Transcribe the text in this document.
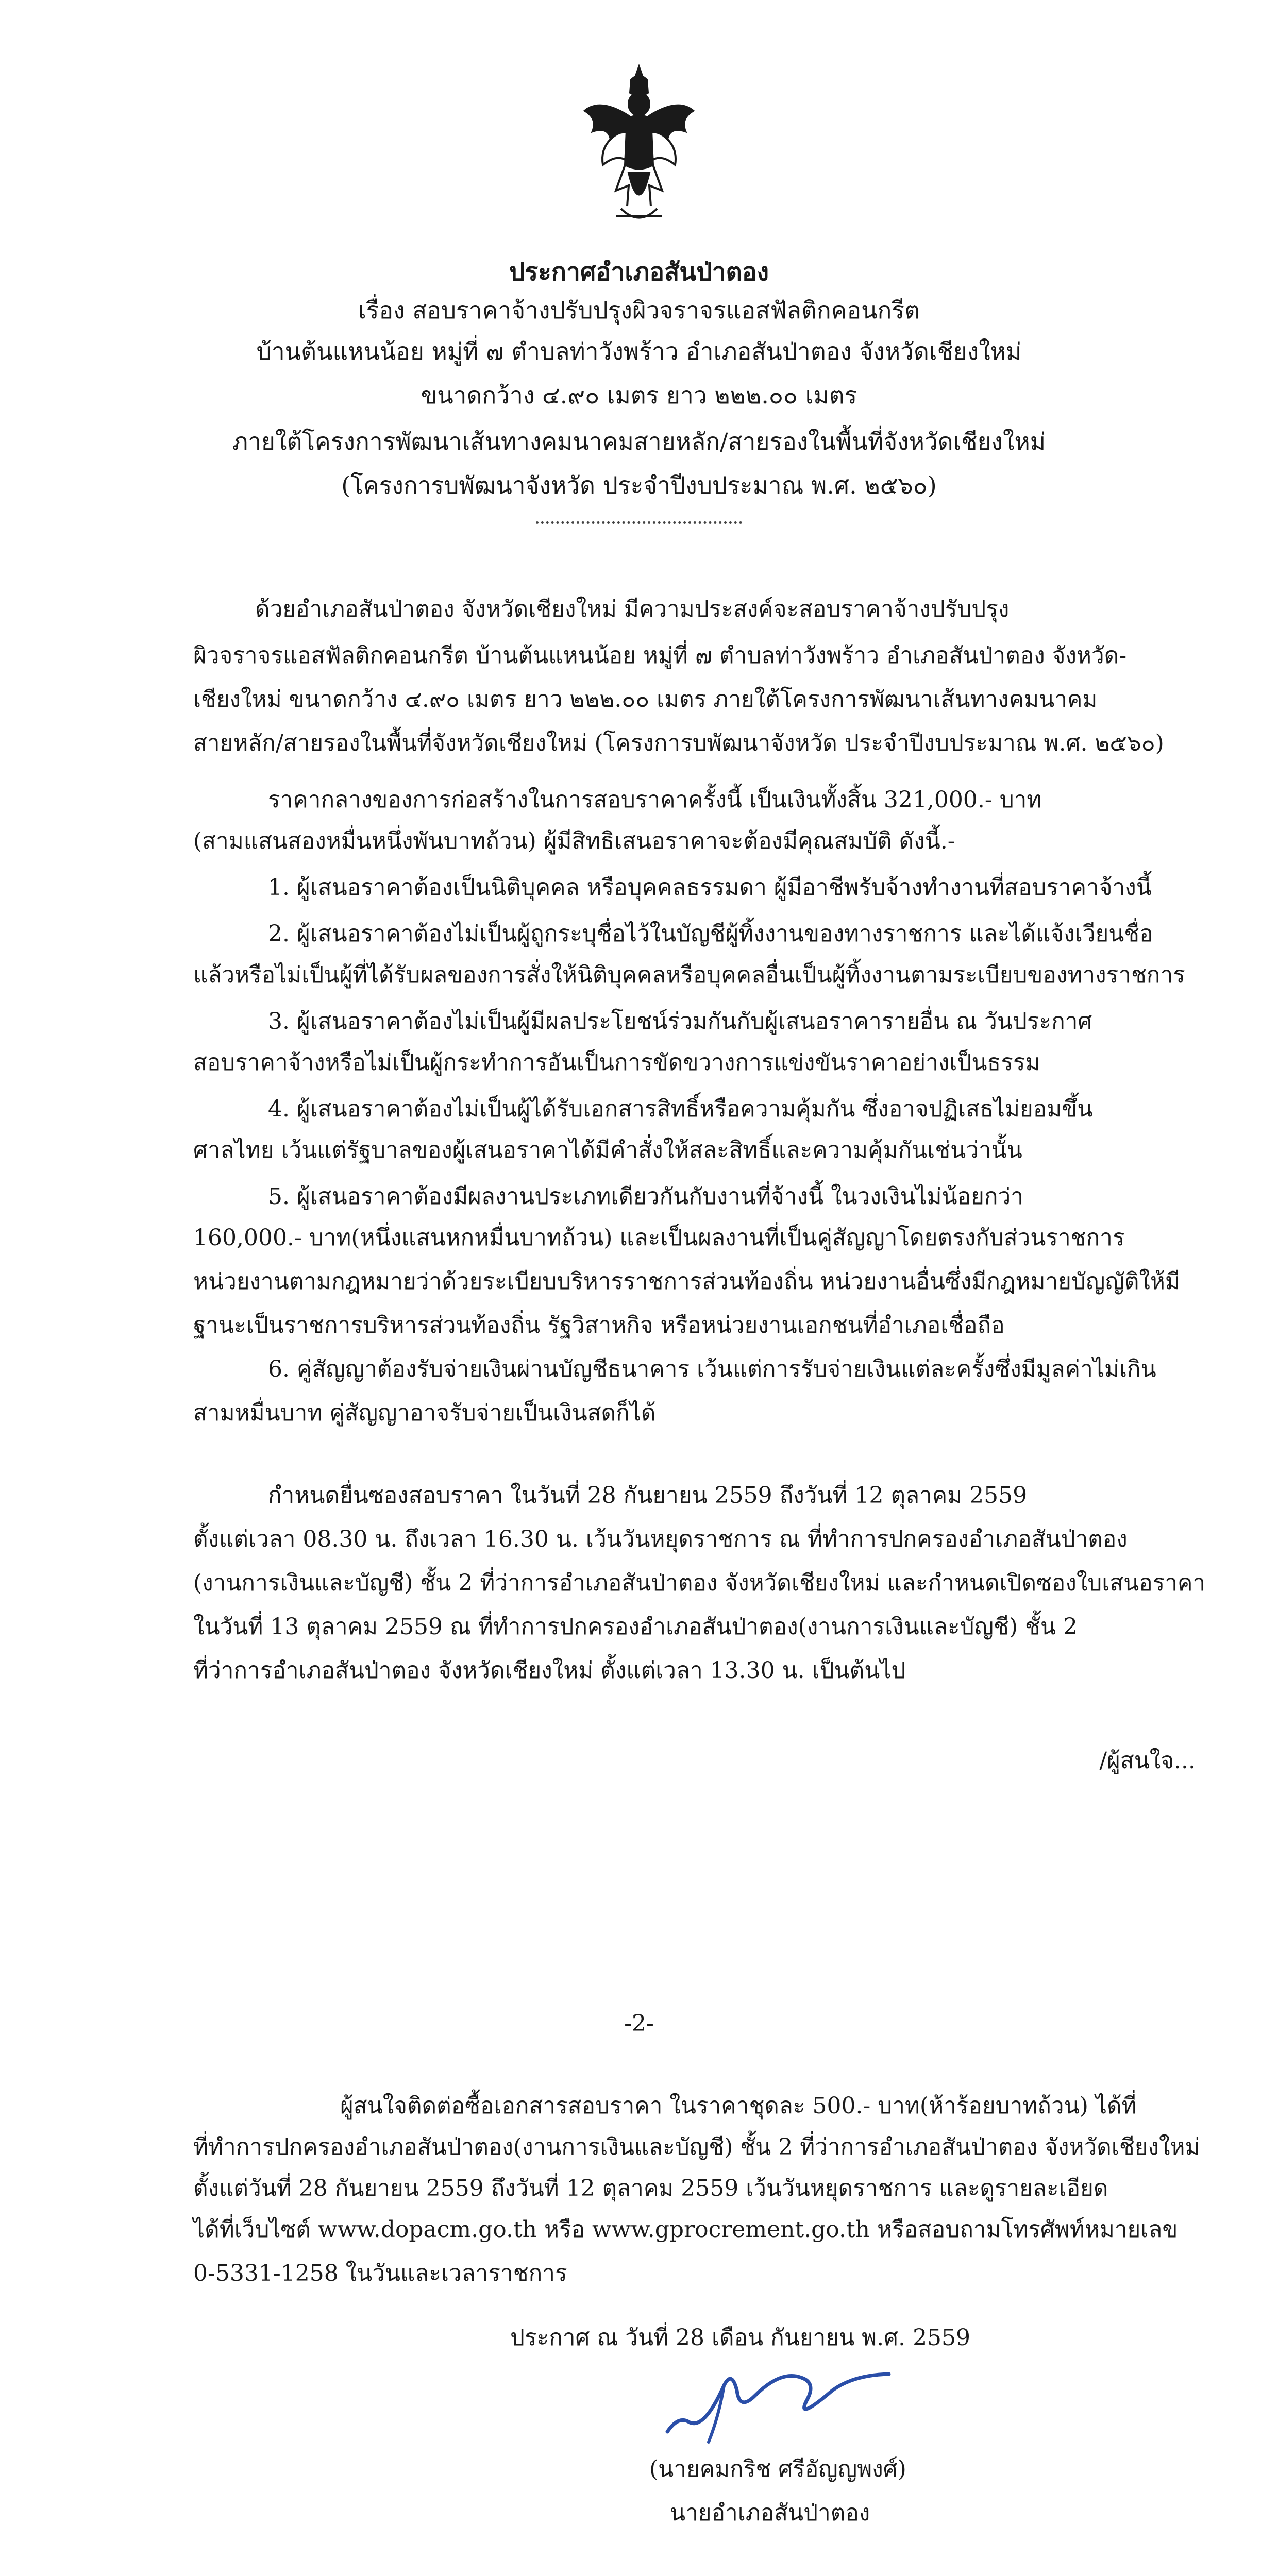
ประกาศอำเภอสันป่าตอง
เรื่อง สอบราคาจ้างปรับปรุงผิวจราจรแอสฟัลติกคอนกรีต
บ้านต้นแหนน้อย หมู่ที่ ๗ ตำบลท่าวังพร้าว อำเภอสันป่าตอง จังหวัดเชียงใหม่
ขนาดกว้าง ๔.๙๐ เมตร ยาว ๒๒๒.๐๐ เมตร
ภายใต้โครงการพัฒนาเส้นทางคมนาคมสายหลัก/สายรองในพื้นที่จังหวัดเชียงใหม่
(โครงการบพัฒนาจังหวัด ประจำปีงบประมาณ พ.ศ. ๒๕๖๐)
ด้วยอำเภอสันป่าตอง จังหวัดเชียงใหม่ มีความประสงค์จะสอบราคาจ้างปรับปรุง
ผิวจราจรแอสฟัลติกคอนกรีต บ้านต้นแหนน้อย หมู่ที่ ๗ ตำบลท่าวังพร้าว อำเภอสันป่าตอง จังหวัด-
เชียงใหม่ ขนาดกว้าง ๔.๙๐ เมตร ยาว ๒๒๒.๐๐ เมตร ภายใต้โครงการพัฒนาเส้นทางคมนาคม
สายหลัก/สายรองในพื้นที่จังหวัดเชียงใหม่ (โครงการบพัฒนาจังหวัด ประจำปีงบประมาณ พ.ศ. ๒๕๖๐)
ราคากลางของการก่อสร้างในการสอบราคาครั้งนี้ เป็นเงินทั้งสิ้น 321,000.- บาท
(สามแสนสองหมื่นหนึ่งพันบาทถ้วน) ผู้มีสิทธิเสนอราคาจะต้องมีคุณสมบัติ ดังนี้.-
1. ผู้เสนอราคาต้องเป็นนิติบุคคล หรือบุคคลธรรมดา ผู้มีอาชีพรับจ้างทำงานที่สอบราคาจ้างนี้
2. ผู้เสนอราคาต้องไม่เป็นผู้ถูกระบุชื่อไว้ในบัญชีผู้ทิ้งงานของทางราชการ และได้แจ้งเวียนชื่อ
แล้วหรือไม่เป็นผู้ที่ได้รับผลของการสั่งให้นิติบุคคลหรือบุคคลอื่นเป็นผู้ทิ้งงานตามระเบียบของทางราชการ
3. ผู้เสนอราคาต้องไม่เป็นผู้มีผลประโยชน์ร่วมกันกับผู้เสนอราคารายอื่น ณ วันประกาศ
สอบราคาจ้างหรือไม่เป็นผู้กระทำการอันเป็นการขัดขวางการแข่งขันราคาอย่างเป็นธรรม
4. ผู้เสนอราคาต้องไม่เป็นผู้ได้รับเอกสารสิทธิ์หรือความคุ้มกัน ซึ่งอาจปฏิเสธไม่ยอมขึ้น
ศาลไทย เว้นแต่รัฐบาลของผู้เสนอราคาได้มีคำสั่งให้สละสิทธิ์และความคุ้มกันเช่นว่านั้น
5. ผู้เสนอราคาต้องมีผลงานประเภทเดียวกันกับงานที่จ้างนี้ ในวงเงินไม่น้อยกว่า
160,000.- บาท(หนึ่งแสนหกหมื่นบาทถ้วน) และเป็นผลงานที่เป็นคู่สัญญาโดยตรงกับส่วนราชการ
หน่วยงานตามกฎหมายว่าด้วยระเบียบบริหารราชการส่วนท้องถิ่น หน่วยงานอื่นซึ่งมีกฎหมายบัญญัติให้มี
ฐานะเป็นราชการบริหารส่วนท้องถิ่น รัฐวิสาหกิจ หรือหน่วยงานเอกชนที่อำเภอเชื่อถือ
6. คู่สัญญาต้องรับจ่ายเงินผ่านบัญชีธนาคาร เว้นแต่การรับจ่ายเงินแต่ละครั้งซึ่งมีมูลค่าไม่เกิน
สามหมื่นบาท คู่สัญญาอาจรับจ่ายเป็นเงินสดก็ได้
กำหนดยื่นซองสอบราคา ในวันที่ 28 กันยายน 2559 ถึงวันที่ 12 ตุลาคม 2559
ตั้งแต่เวลา 08.30 น. ถึงเวลา 16.30 น. เว้นวันหยุดราชการ ณ ที่ทำการปกครองอำเภอสันป่าตอง
(งานการเงินและบัญชี) ชั้น 2 ที่ว่าการอำเภอสันป่าตอง จังหวัดเชียงใหม่ และกำหนดเปิดซองใบเสนอราคา
ในวันที่ 13 ตุลาคม 2559 ณ ที่ทำการปกครองอำเภอสันป่าตอง(งานการเงินและบัญชี) ชั้น 2
ที่ว่าการอำเภอสันป่าตอง จังหวัดเชียงใหม่ ตั้งแต่เวลา 13.30 น. เป็นต้นไป
/ผู้สนใจ...
-2-
ผู้สนใจติดต่อซื้อเอกสารสอบราคา ในราคาชุดละ 500.- บาท(ห้าร้อยบาทถ้วน) ได้ที่
ที่ทำการปกครองอำเภอสันป่าตอง(งานการเงินและบัญชี) ชั้น 2 ที่ว่าการอำเภอสันป่าตอง จังหวัดเชียงใหม่
ตั้งแต่วันที่ 28 กันยายน 2559 ถึงวันที่ 12 ตุลาคม 2559 เว้นวันหยุดราชการ และดูรายละเอียด
ได้ที่เว็บไซต์ www.dopacm.go.th หรือ www.gprocrement.go.th หรือสอบถามโทรศัพท์หมายเลข
0-5331-1258 ในวันและเวลาราชการ
ประกาศ ณ วันที่ 28 เดือน กันยายน พ.ศ. 2559
(นายคมกริช ศรีอัญญพงศ์)
นายอำเภอสันป่าตอง
